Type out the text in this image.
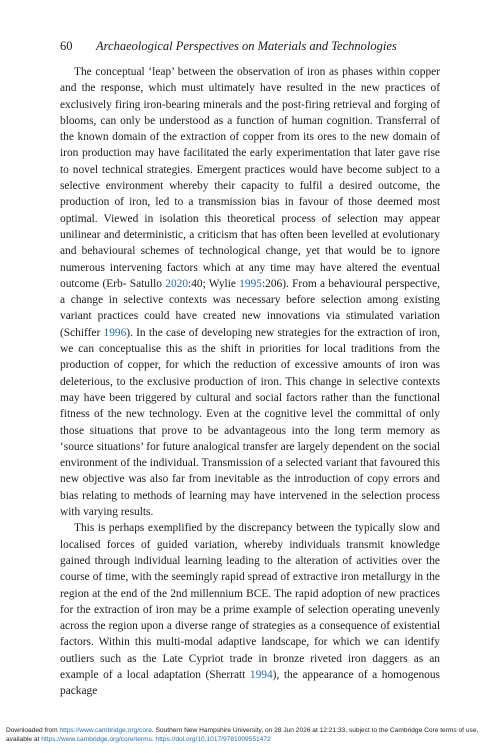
60 Archaeological Perspectives on Materials and Technologies

The conceptual ‘leap’ between the observation of iron as phases within copper and the response, which must ultimately have resulted in the new practices of exclusively firing iron-bearing minerals and the post-firing retrieval and forging of blooms, can only be understood as a function of human cognition. Transferral of the known domain of the extraction of copper from its ores to the new domain of iron production may have facilitated the early experimentation that later gave rise to novel technical strategies. Emergent practices would have become subject to a selective environment whereby their capacity to fulfil a desired outcome, the production of iron, led to a transmission bias in favour of those deemed most optimal. Viewed in isolation this theoretical process of selection may appear unilinear and deterministic, a criticism that has often been levelled at evolutionary and behavioural schemes of technological change, yet that would be to ignore numerous intervening factors which at any time may have altered the eventual outcome (Erb- Satullo 2020:40; Wylie 1995:206). From a behavioural perspective, a change in selective contexts was necessary before selection among existing variant practices could have created new innovations via stimulated variation (Schiffer 1996). In the case of developing new strategies for the extraction of iron, we can conceptualise this as the shift in priorities for local traditions from the production of copper, for which the reduction of excessive amounts of iron was deleterious, to the exclusive production of iron. This change in selective contexts may have been triggered by cultural and social factors rather than the functional fitness of the new technology. Even at the cognitive level the committal of only those situations that prove to be advantageous into the long term memory as ‘source situations’ for future analogical transfer are largely dependent on the social environment of the individual. Transmission of a selected variant that favoured this new objective was also far from inevitable as the introduction of copy errors and bias relating to methods of learning may have intervened in the selection process with varying results.

This is perhaps exemplified by the discrepancy between the typically slow and localised forces of guided variation, whereby individuals transmit knowledge gained through individual learning leading to the alteration of activities over the course of time, with the seemingly rapid spread of extractive iron metallurgy in the region at the end of the 2nd millennium BCE. The rapid adoption of new practices for the extraction of iron may be a prime example of selection operating unevenly across the region upon a diverse range of strategies as a consequence of existential factors. Within this multi-modal adaptive landscape, for which we can identify outliers such as the Late Cypriot trade in bronze riveted iron daggers as an example of a local adaptation (Sherratt 1994), the appearance of a homogenous package

Downloaded from https://www.cambridge.org/core. Southern New Hampshire University, on 28 Jun 2026 at 12:21:33, subject to the Cambridge Core terms of use, available at https://www.cambridge.org/core/terms. https://doi.org/10.1017/9781009551472
